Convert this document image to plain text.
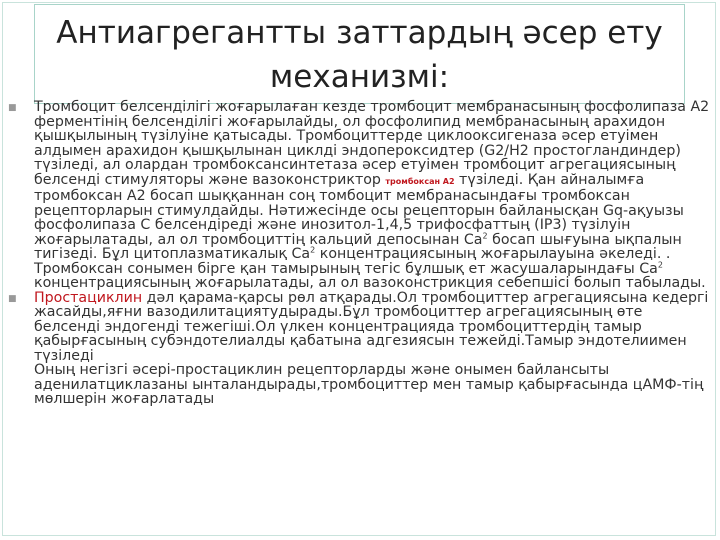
Антиагрегантты заттардың әсер ету
механизмі:

■ Тромбоцит белсенділігі жоғарылаған кезде тромбоцит мембранасының фосфолипаза А2 ферментінің белсенділігі жоғарылайды, ол фосфолипид мембранасының арахидон қышқылының түзілуіне қатысады. Тромбоциттерде циклооксигеназа әсер етуімен алдымен арахидон қышқылынан циклді эндопероксидтер (G2/H2 простогландиндер) түзіледі, ал олардан тромбоксансинтетаза әсер етуімен тромбоцит агрегациясының белсенді стимуляторы және вазоконстриктор тромбоксан А2 түзіледі. Қан айналымға тромбоксан А2 босап шыққаннан соң томбоцит мембранасындағы тромбоксан рецепторларын стимулдайды. Нәтижесінде осы рецепторын байланысқан Gq-ақуызы фосфолипаза С белсендіреді және инозитол-1,4,5 трифосфаттың (IP3) түзілуін жоғарылатады, ал ол тромбоциттің кальций депосынан $Са^2$ босап шығуына ықпалын тигізеді. Бұл цитоплазматикалық $Са^2$ концентрациясының жоғарылауына әкеледі. . Тромбоксан сонымен бірге қан тамырының тегіс бұлшық ет жасушаларындағы $Са^2$ концентрациясының жоғарылатады, ал ол вазоконстрикция себепшісі болып табылады.

■ Простациклин дәл қарама-қарсы рөл атқарады.Ол тромбоциттер агрегациясына кедергі жасайды,яғни вазодилитациятудырады.Бұл тромбоциттер агрегациясының өте белсенді эндогенді тежегіші.Ол үлкен концентрацияда тромбоциттердің тамыр қабырғасының субэндотелиалды қабатына адгезиясын тежейді.Тамыр эндотелиимен түзіледі

Оның негізгі әсері-простациклин рецепторларды және онымен байлансыты аденилатциклазаны ынталандырады,тромбоциттер мен тамыр қабырғасында цАМФ-тің мөлшерін жоғарлатады
